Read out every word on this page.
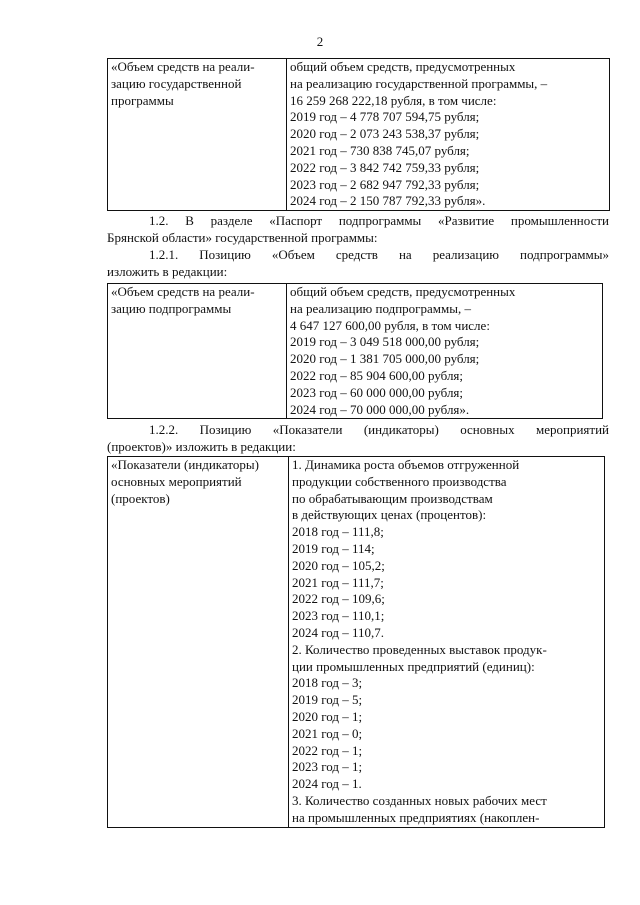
2
«Объем средств на реали-
зацию государственной
программы

общий объем средств, предусмотренных
на реализацию государственной программы, –
16 259 268 222,18 рубля, в том числе:
2019 год – 4 778 707 594,75 рубля;
2020 год – 2 073 243 538,37 рубля;
2021 год – 730 838 745,07 рубля;
2022 год – 3 842 742 759,33 рубля;
2023 год – 2 682 947 792,33 рубля;
2024 год – 2 150 787 792,33 рубля».
1.2. В разделе «Паспорт подпрограммы «Развитие промышленности
Брянской области» государственной программы:
1.2.1. Позицию «Объем средств на реализацию подпрограммы»
изложить в редакции:
«Объем средств на реали-
зацию подпрограммы

общий объем средств, предусмотренных
на реализацию подпрограммы, –
4 647 127 600,00 рубля, в том числе:
2019 год – 3 049 518 000,00 рубля;
2020 год – 1 381 705 000,00 рубля;
2022 год – 85 904 600,00 рубля;
2023 год – 60 000 000,00 рубля;
2024 год – 70 000 000,00 рубля».
1.2.2. Позицию «Показатели (индикаторы) основных мероприятий
(проектов)» изложить в редакции:
«Показатели (индикаторы)
основных мероприятий
(проектов)

1. Динамика роста объемов отгруженной
продукции собственного производства
по обрабатывающим производствам
в действующих ценах (процентов):
2018 год – 111,8;
2019 год – 114;
2020 год – 105,2;
2021 год – 111,7;
2022 год – 109,6;
2023 год – 110,1;
2024 год – 110,7.
2. Количество проведенных выставок продук-
ции промышленных предприятий (единиц):
2018 год – 3;
2019 год – 5;
2020 год – 1;
2021 год – 0;
2022 год – 1;
2023 год – 1;
2024 год – 1.
3. Количество созданных новых рабочих мест
на промышленных предприятиях (накоплен-
